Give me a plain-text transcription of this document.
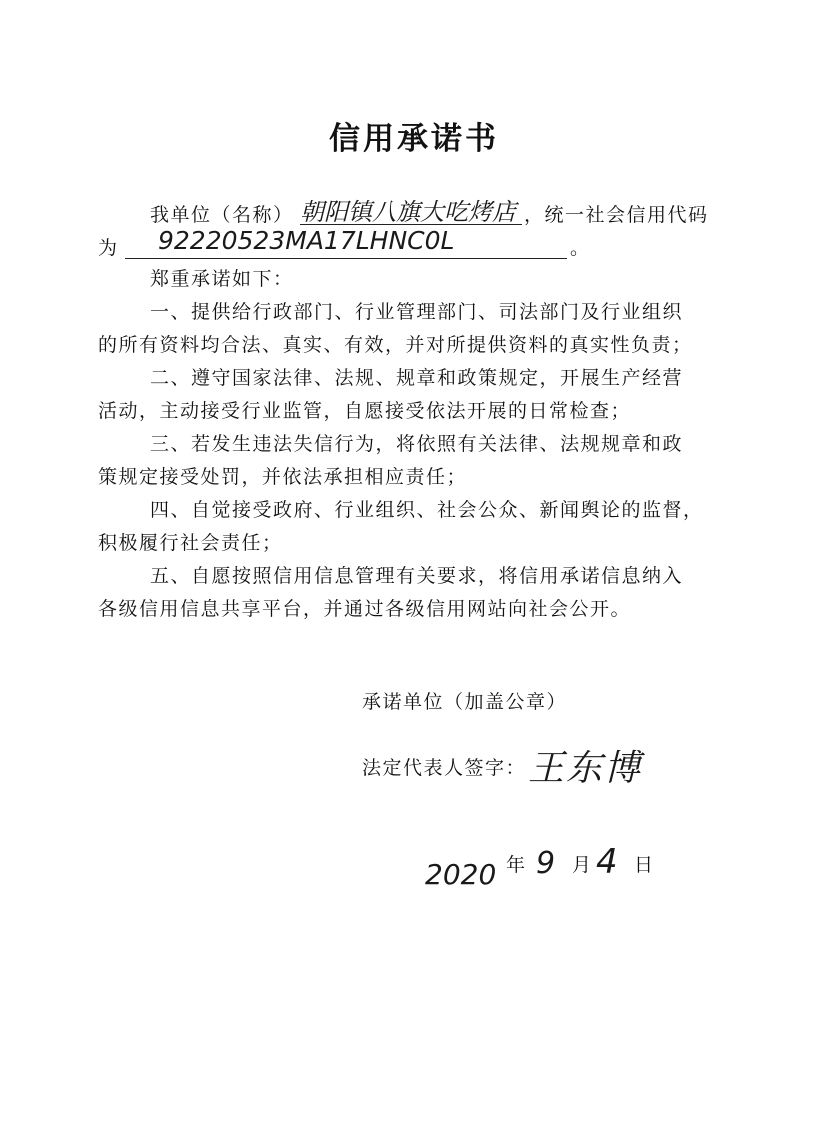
信用承诺书
我单位（名称） 朝阳镇八旗大吃烤店 ，统一社会信用代码
为 92220523MA17LHNC0L	。
郑重承诺如下：
一、提供给行政部门、行业管理部门、司法部门及行业组织
的所有资料均合法、真实、有效，并对所提供资料的真实性负责；
二、遵守国家法律、法规、规章和政策规定，开展生产经营
活动，主动接受行业监管，自愿接受依法开展的日常检查；
三、若发生违法失信行为，将依照有关法律、法规规章和政
策规定接受处罚，并依法承担相应责任；
四、自觉接受政府、行业组织、社会公众、新闻舆论的监督，
积极履行社会责任；
五、自愿按照信用信息管理有关要求，将信用承诺信息纳入
各级信用信息共享平台，并通过各级信用网站向社会公开。
承诺单位（加盖公章）
法定代表人签字： 王东博
2020 年 9 月 4 日
